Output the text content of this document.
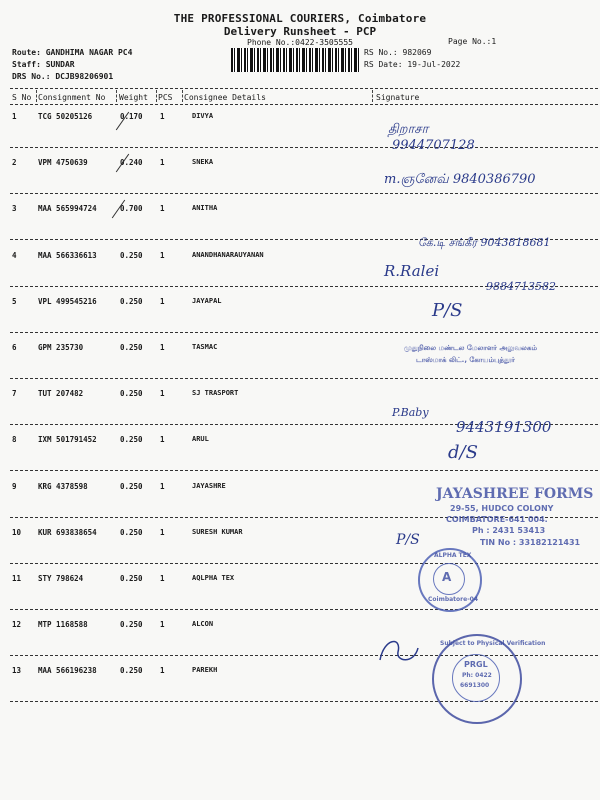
THE PROFESSIONAL COURIERS, Coimbatore
Delivery Runsheet - PCP
Phone No.:0422-3505555	Page No.:1
Route: GANDHIMA NAGAR PC4
Staff: SUNDAR
DRS No.: DCJB98206901
RS No.: 982069
RS Date: 19-Jul-2022
S No Consignment No Weight PCS Consignee Details	Signature
1	TCG 50205126	0.170 1	DIVYA
2	VPM 4750639	0.240 1	SNEKA
3	MAA 565994724	0.700 1	ANITHA
4	MAA 566336613	0.250 1	ANANDHANARAUYANAN
5	VPL 499545216	0.250 1	JAYAPAL
6	GPM 235730	0.250 1	TASMAC
7	TUT 207482	0.250 1	SJ TRASPORT
8	IXM 501791452	0.250 1	ARUL
9	KRG 4378598	0.250 1	JAYASHRE
10 KUR 693838654	0.250 1	SURESH KUMAR
11 STY 798624	0.250 1	AQLPHA TEX
12 MTP 1168588	0.250 1	ALCON
13 MAA 566196238	0.250 1	PAREKH
திறாசா
9944707128
m.ஞனேவ் 9840386790
கே.டி சங்கீர 9043818681
R.Ralei
9884713582
P/S
P.Baby
9443191300
d/S
P/S
முதுநிலை மண்டல மேலாளர் அலுவலகம்
டாஸ்மாக் லிட்., கோயம்புத்தூர்
JAYASHREE FORMS
29-55, HUDCO COLONY
COIMBATORE-641 004.
Ph : 2431 53413
TIN No : 33182121431
ALPHA TEX
A
Coimbatore-04
Subject to Physical Verification
PRGL
Ph: 0422
6691300
